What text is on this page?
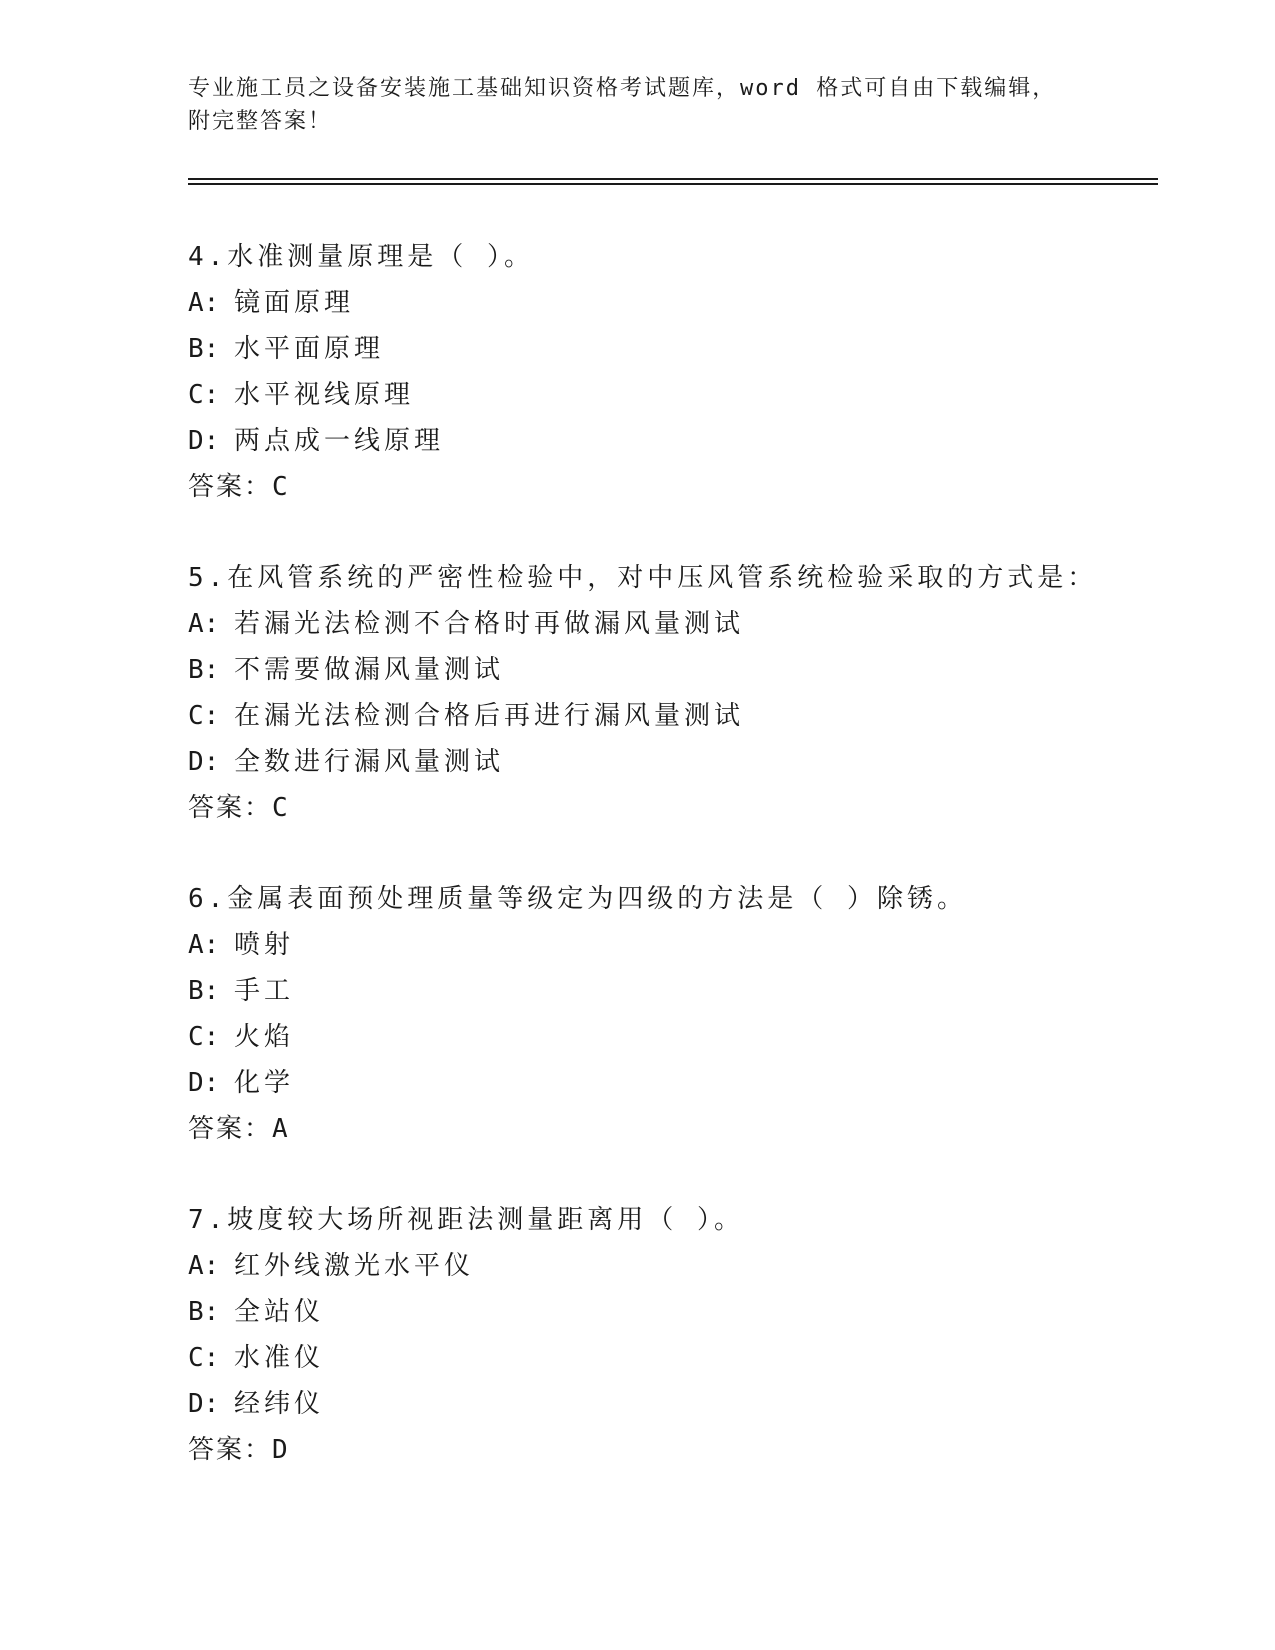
专业施工员之设备安装施工基础知识资格考试题库，word 格式可自由下载编辑，
附完整答案！
4.水准测量原理是（ ）。
A: 镜面原理
B: 水平面原理
C: 水平视线原理
D: 两点成一线原理
答案：C
5.在风管系统的严密性检验中，对中压风管系统检验采取的方式是：
A: 若漏光法检测不合格时再做漏风量测试
B: 不需要做漏风量测试
C: 在漏光法检测合格后再进行漏风量测试
D: 全数进行漏风量测试
答案：C
6.金属表面预处理质量等级定为四级的方法是（ ）除锈。
A: 喷射
B: 手工
C: 火焰
D: 化学
答案：A
7.坡度较大场所视距法测量距离用（ ）。
A: 红外线激光水平仪
B: 全站仪
C: 水准仪
D: 经纬仪
答案：D
